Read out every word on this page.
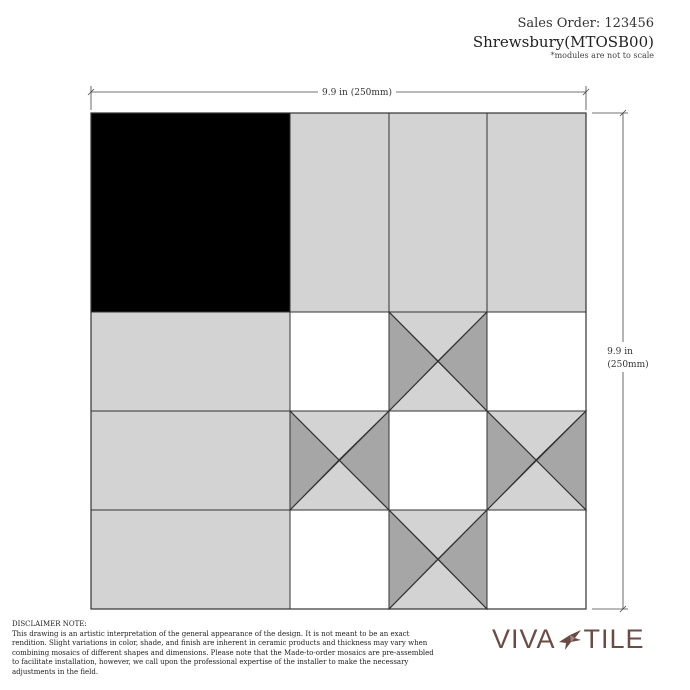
Sales Order: 123456
Shrewsbury(MTOSB00)
*modules are not to scale
9.9 in (250mm)
9.9 in
(250mm)
DISCLAIMER NOTE:
This drawing is an artistic interpretation of the general appearance of the design. It is not meant to be an exact rendition. Slight variations in color, shade, and finish are inherent in ceramic products and thickness may vary when combining mosaics of different shapes and dimensions. Please note that the Made-to-order mosaics are pre-assembled to facilitate installation, however, we call upon the professional expertise of the installer to make the necessary adjustments in the field.
VIVA TILE
